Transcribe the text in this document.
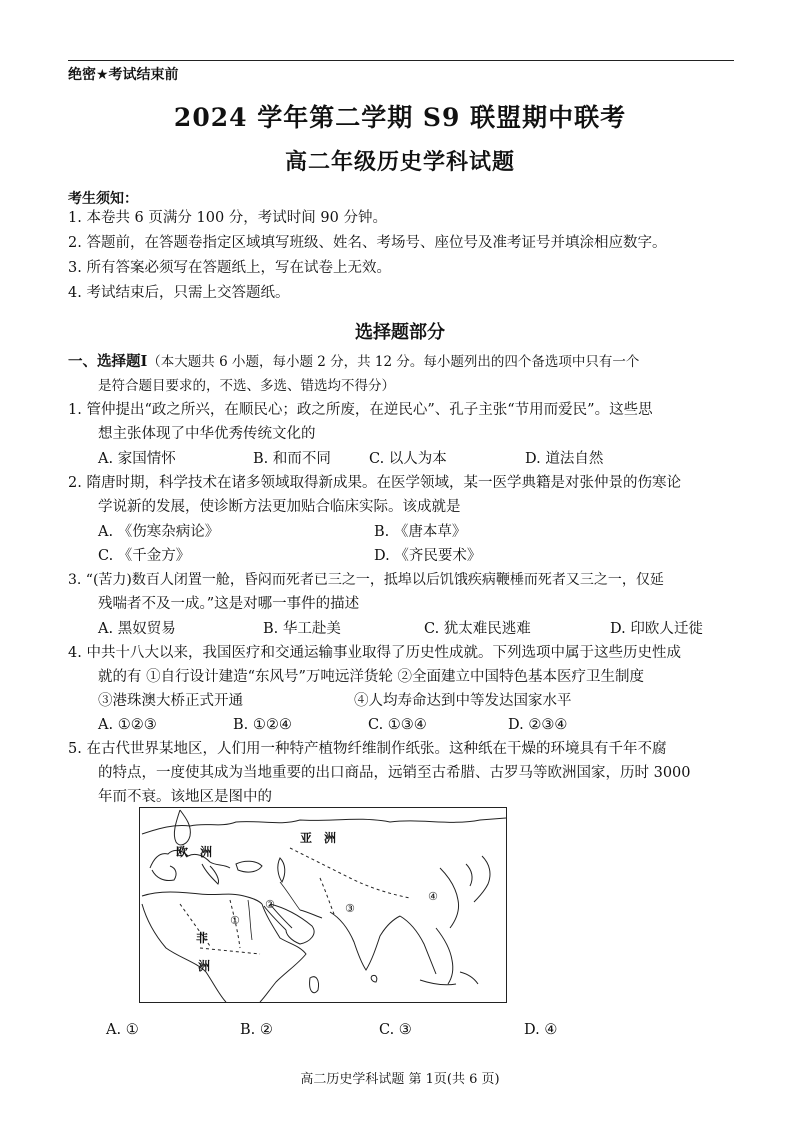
绝密★考试结束前
2024 学年第二学期 S9 联盟期中联考
高二年级历史学科试题
考生须知：
1. 本卷共 6 页满分 100 分，考试时间 90 分钟。
2. 答题前，在答题卷指定区域填写班级、姓名、考场号、座位号及准考证号并填涂相应数字。
3. 所有答案必须写在答题纸上，写在试卷上无效。
4. 考试结束后，只需上交答题纸。
选择题部分
一、选择题Ⅰ（本大题共 6 小题，每小题 2 分，共 12 分。每小题列出的四个备选项中只有一个
是符合题目要求的，不选、多选、错选均不得分）
1. 管仲提出“政之所兴，在顺民心；政之所废，在逆民心”、孔子主张“节用而爱民”。这些思
想主张体现了中华优秀传统文化的
A. 家国情怀	B. 和而不同	C. 以人为本	D. 道法自然
2. 隋唐时期，科学技术在诸多领域取得新成果。在医学领域，某一医学典籍是对张仲景的伤寒论
学说新的发展，使诊断方法更加贴合临床实际。该成就是
A. 《伤寒杂病论》	B. 《唐本草》
C. 《千金方》	D. 《齐民要术》
3. “(苦力)数百人闭置一舱，昏闷而死者已三之一，抵埠以后饥饿疾病鞭棰而死者又三之一，仅延
残喘者不及一成。”这是对哪一事件的描述
A. 黑奴贸易	B. 华工赴美	C. 犹太难民逃难	D. 印欧人迁徙
4. 中共十八大以来，我国医疗和交通运输事业取得了历史性成就。下列选项中属于这些历史性成
就的有 ①自行设计建造“东风号”万吨远洋货轮 ②全面建立中国特色基本医疗卫生制度
③港珠澳大桥正式开通	④人均寿命达到中等发达国家水平
A. ①②③	B. ①②④	C. ①③④	D. ②③④
5. 在古代世界某地区，人们用一种特产植物纤维制作纸张。这种纸在干燥的环境具有千年不腐
的特点，一度使其成为当地重要的出口商品，远销至古希腊、古罗马等欧洲国家，历时 3000
年而不衰。该地区是图中的
亚　洲
欧　洲
非
洲
①
②	③
④
A. ①	B. ②	C. ③	D. ④
高二历史学科试题 第 1页(共 6 页)
